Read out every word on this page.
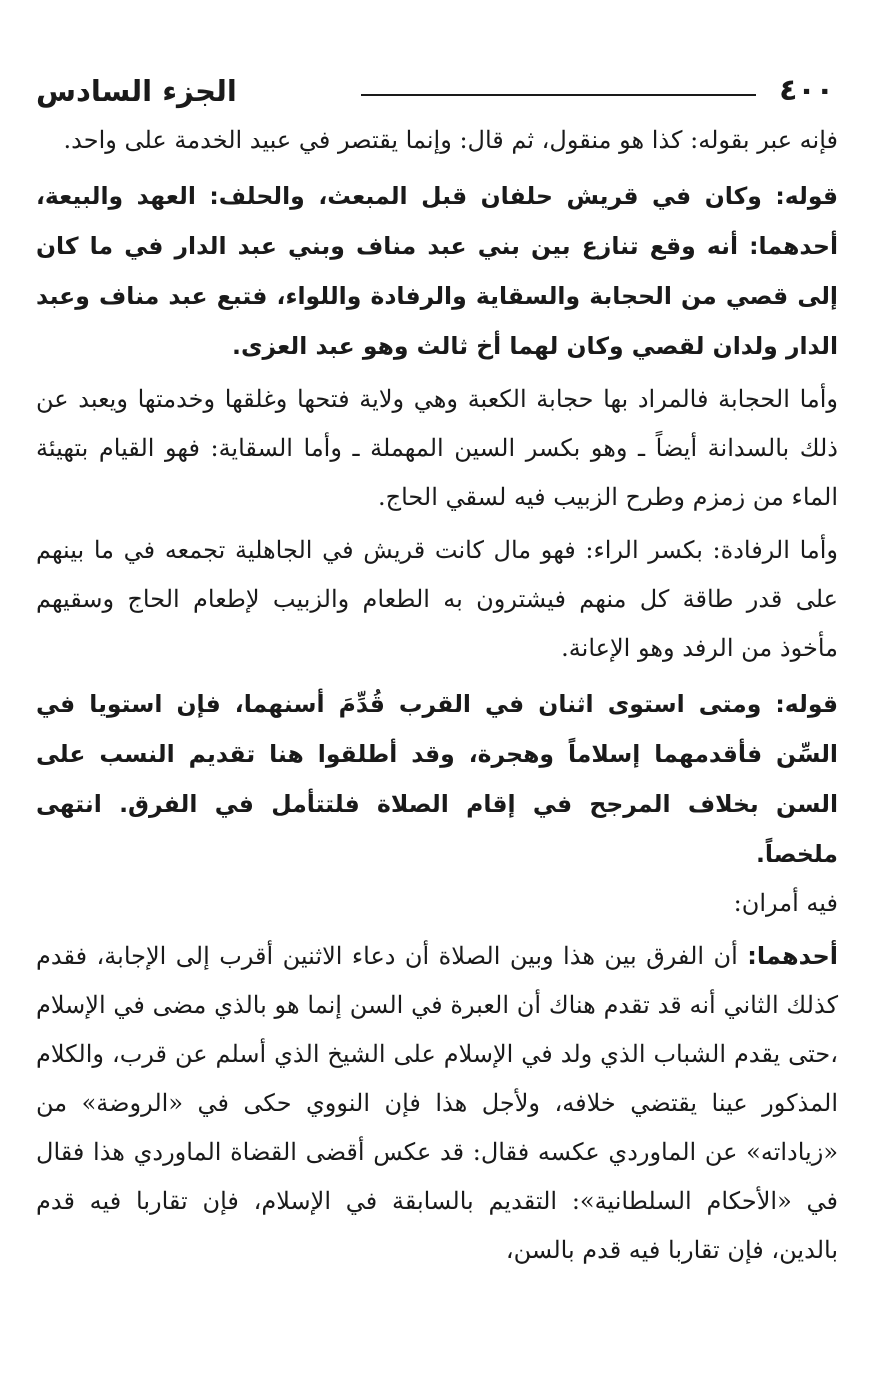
٤٠٠
الجزء السادس

فإنه عبر بقوله: كذا هو منقول، ثم قال: وإنما يقتصر في عبيد الخدمة على واحد.

قوله: وكان في قريش حلفان قبل المبعث، والحلف: العهد والبيعة، أحدهما: أنه وقع تنازع بين بني عبد مناف وبني عبد الدار في ما كان إلى قصي من الحجابة والسقاية والرفادة واللواء، فتبع عبد مناف وعبد الدار ولدان لقصي وكان لهما أخ ثالث وهو عبد العزى.

وأما الحجابة فالمراد بها حجابة الكعبة وهي ولاية فتحها وغلقها وخدمتها ويعبد عن ذلك بالسدانة أيضاً ـ وهو بكسر السين المهملة ـ وأما السقاية: فهو القيام بتهيئة الماء من زمزم وطرح الزبيب فيه لسقي الحاج.

وأما الرفادة: بكسر الراء: فهو مال كانت قريش في الجاهلية تجمعه في ما بينهم على قدر طاقة كل منهم فيشترون به الطعام والزبيب لإطعام الحاج وسقيهم مأخوذ من الرفد وهو الإعانة.

قوله: ومتى استوى اثنان في القرب قُدِّمَ أسنهما، فإن استويا في السِّن فأقدمهما إسلاماً وهجرة، وقد أطلقوا هنا تقديم النسب على السن بخلاف المرجح في إقام الصلاة فلتتأمل في الفرق. انتهى ملخصاً.

فيه أمران:

أحدهما: أن الفرق بين هذا وبين الصلاة أن دعاء الاثنين أقرب إلى الإجابة، فقدم كذلك الثاني أنه قد تقدم هناك أن العبرة في السن إنما هو بالذي مضى في الإسلام ،حتى يقدم الشباب الذي ولد في الإسلام على الشيخ الذي أسلم عن قرب، والكلام المذكور عينا يقتضي خلافه، ولأجل هذا فإن النووي حكى في «الروضة» من «زياداته» عن الماوردي عكسه فقال: قد عكس أقضى القضاة الماوردي هذا فقال في «الأحكام السلطانية»: التقديم بالسابقة في الإسلام، فإن تقاربا فيه قدم بالدين، فإن تقاربا فيه قدم بالسن،
